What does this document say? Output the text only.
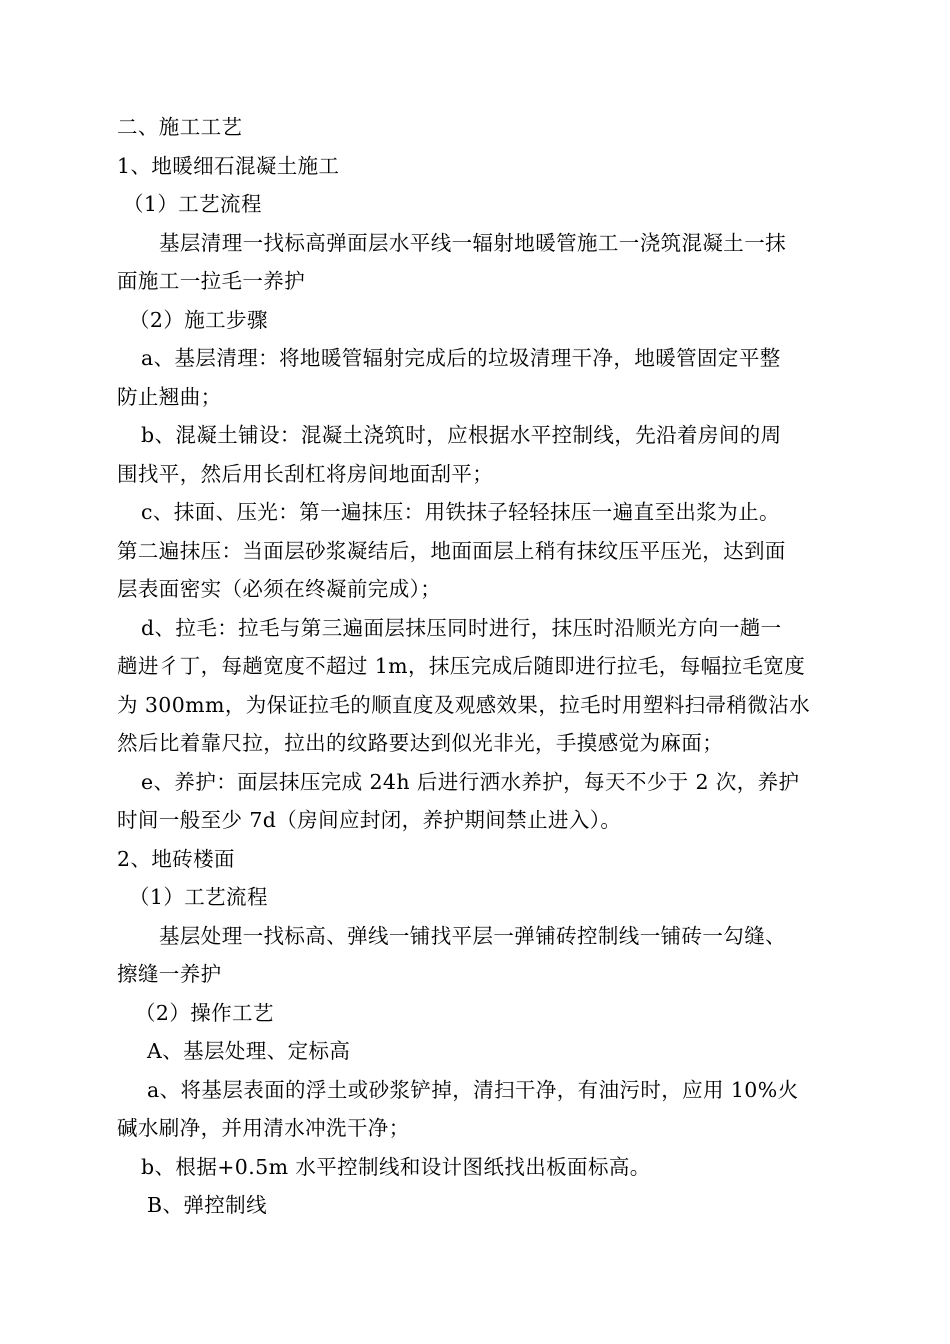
二、施工工艺
1、地暖细石混凝土施工
（1）工艺流程
基层清理一找标高弹面层水平线一辐射地暖管施工一浇筑混凝土一抹
面施工一拉毛一养护
（2）施工步骤
a、基层清理：将地暖管辐射完成后的垃圾清理干净，地暖管固定平整
防止翘曲；
b、混凝土铺设：混凝土浇筑时，应根据水平控制线，先沿着房间的周
围找平，然后用长刮杠将房间地面刮平；
c、抹面、压光：第一遍抹压：用铁抹子轻轻抹压一遍直至出浆为止。
第二遍抹压：当面层砂浆凝结后，地面面层上稍有抹纹压平压光，达到面
层表面密实（必须在终凝前完成）；
d、拉毛：拉毛与第三遍面层抹压同时进行，抹压时沿顺光方向一趟一
趟进彳丁，每趟宽度不超过 1m，抹压完成后随即进行拉毛，每幅拉毛宽度
为 300mm，为保证拉毛的顺直度及观感效果，拉毛时用塑料扫帚稍微沾水
然后比着靠尺拉，拉出的纹路要达到似光非光，手摸感觉为麻面；
e、养护：面层抹压完成 24h 后进行洒水养护，每天不少于 2 次，养护
时间一般至少 7d（房间应封闭，养护期间禁止进入）。
2、地砖楼面
（1）工艺流程
基层处理一找标高、弹线一铺找平层一弹铺砖控制线一铺砖一勾缝、
擦缝一养护
（2）操作工艺
A、基层处理、定标高
a、将基层表面的浮土或砂浆铲掉，清扫干净，有油污时，应用 10%火
碱水刷净，并用清水冲洗干净；
b、根据+0.5m 水平控制线和设计图纸找出板面标高。
B、弹控制线
